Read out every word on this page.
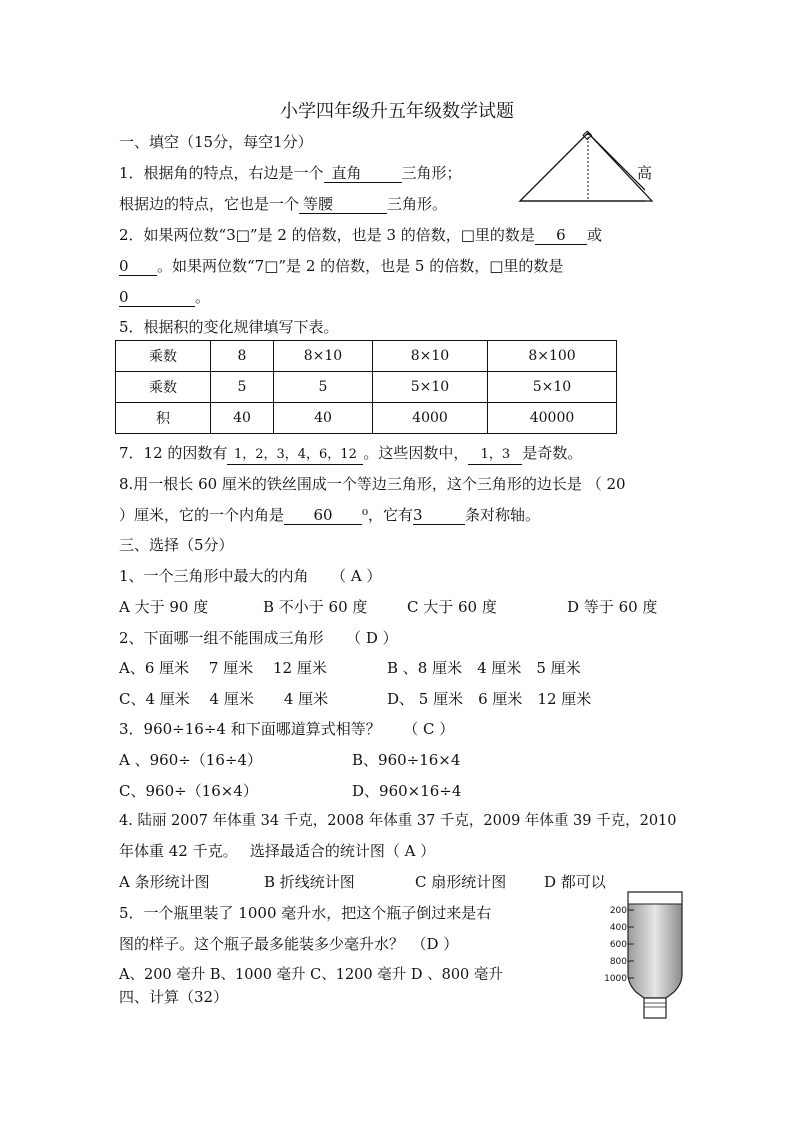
小学四年级升五年级数学试题
一、填空（15分，每空1分）
1．根据角的特点，右边是一个 直角	三角形；
根据边的特点，它也是一个 等腰	三角形。
高
2．如果两位数“3□”是 2 的倍数，也是 3 的倍数，□里的数是 6 或
0 。如果两位数“7□”是 2 的倍数，也是 5 的倍数，□里的数是
0	。
5．根据积的变化规律填写下表。
乘数	8	8×10	8×10	8×100
乘数	5	5	5×10	5×10
积	40	40	4000	40000
7．12 的因数有 1，2，3，4，6，12 。这些因数中， 1，3 是奇数。
8.用一根长 60 厘米的铁丝围成一个等边三角形，这个三角形的边长是 （ 20
）厘米，它的一个内角是 60 ⁰，它有3	条对称轴。
三、选择（5分）
1、一个三角形中最大的内角　　（ A ）
A 大于 90 度	B 不小于 60 度	C 大于 60 度	D 等于 60 度
2、下面哪一组不能围成三角形　　（ D ）
A、6 厘米　 7 厘米　 12 厘米	B 、8 厘米　4 厘米　5 厘米
C、4 厘米　 4 厘米　　4 厘米	D、 5 厘米　6 厘米　12 厘米
3．960÷16÷4 和下面哪道算式相等？　　（ C ）
A 、960÷（16÷4）	B、960÷16×4
C、960÷（16×4）	D、960×16÷4
4. 陆丽 2007 年体重 34 千克，2008 年体重 37 千克，2009 年体重 39 千克，2010
年体重 42 千克。　 选择最适合的统计图（ A ）
A 条形统计图	B 折线统计图	C 扇形统计图	D 都可以
5．一个瓶里装了 1000 毫升水，把这个瓶子倒过来是右
图的样子。这个瓶子最多能装多少毫升水？　（D ）
A、200 毫升 B、1000 毫升 C、1200 毫升 D 、800 毫升
四、计算（32）
200
400
600
800
1000
